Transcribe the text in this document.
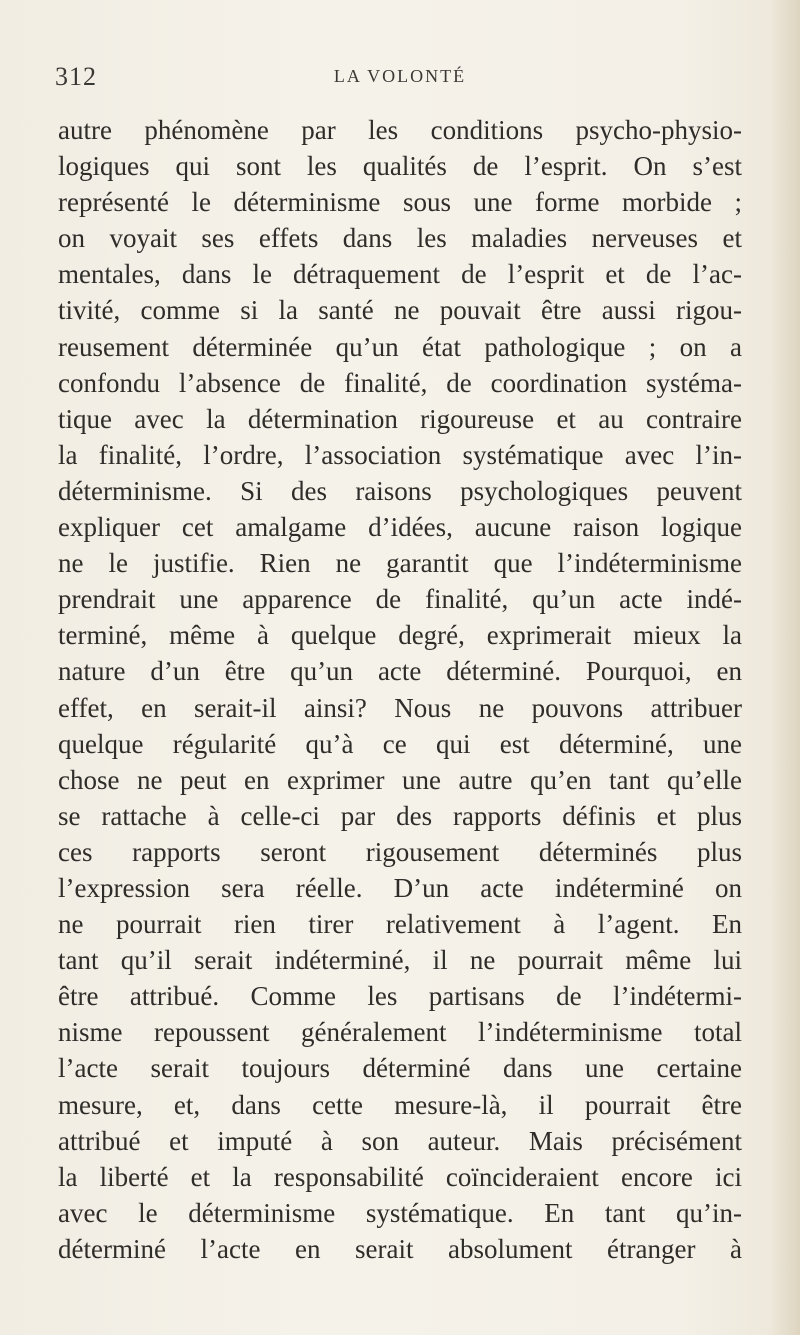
312	LA VOLONTÉ
autre phénomène par les conditions psycho-physio-
logiques qui sont les qualités de l’esprit. On s’est
représenté le déterminisme sous une forme morbide ;
on voyait ses effets dans les maladies nerveuses et
mentales, dans le détraquement de l’esprit et de l’ac-
tivité, comme si la santé ne pouvait être aussi rigou-
reusement déterminée qu’un état pathologique ; on a
confondu l’absence de finalité, de coordination systéma-
tique avec la détermination rigoureuse et au contraire
la finalité, l’ordre, l’association systématique avec l’in-
déterminisme. Si des raisons psychologiques peuvent
expliquer cet amalgame d’idées, aucune raison logique
ne le justifie. Rien ne garantit que l’indéterminisme
prendrait une apparence de finalité, qu’un acte indé-
terminé, même à quelque degré, exprimerait mieux la
nature d’un être qu’un acte déterminé. Pourquoi, en
effet, en serait-il ainsi? Nous ne pouvons attribuer
quelque régularité qu’à ce qui est déterminé, une
chose ne peut en exprimer une autre qu’en tant qu’elle
se rattache à celle-ci par des rapports définis et plus
ces rapports seront rigousement déterminés plus
l’expression sera réelle. D’un acte indéterminé on
ne pourrait rien tirer relativement à l’agent. En
tant qu’il serait indéterminé, il ne pourrait même lui
être attribué. Comme les partisans de l’indétermi-
nisme repoussent généralement l’indéterminisme total
l’acte serait toujours déterminé dans une certaine
mesure, et, dans cette mesure-là, il pourrait être
attribué et imputé à son auteur. Mais précisément
la liberté et la responsabilité coïncideraient encore ici
avec le déterminisme systématique. En tant qu’in-
déterminé l’acte en serait absolument étranger à
